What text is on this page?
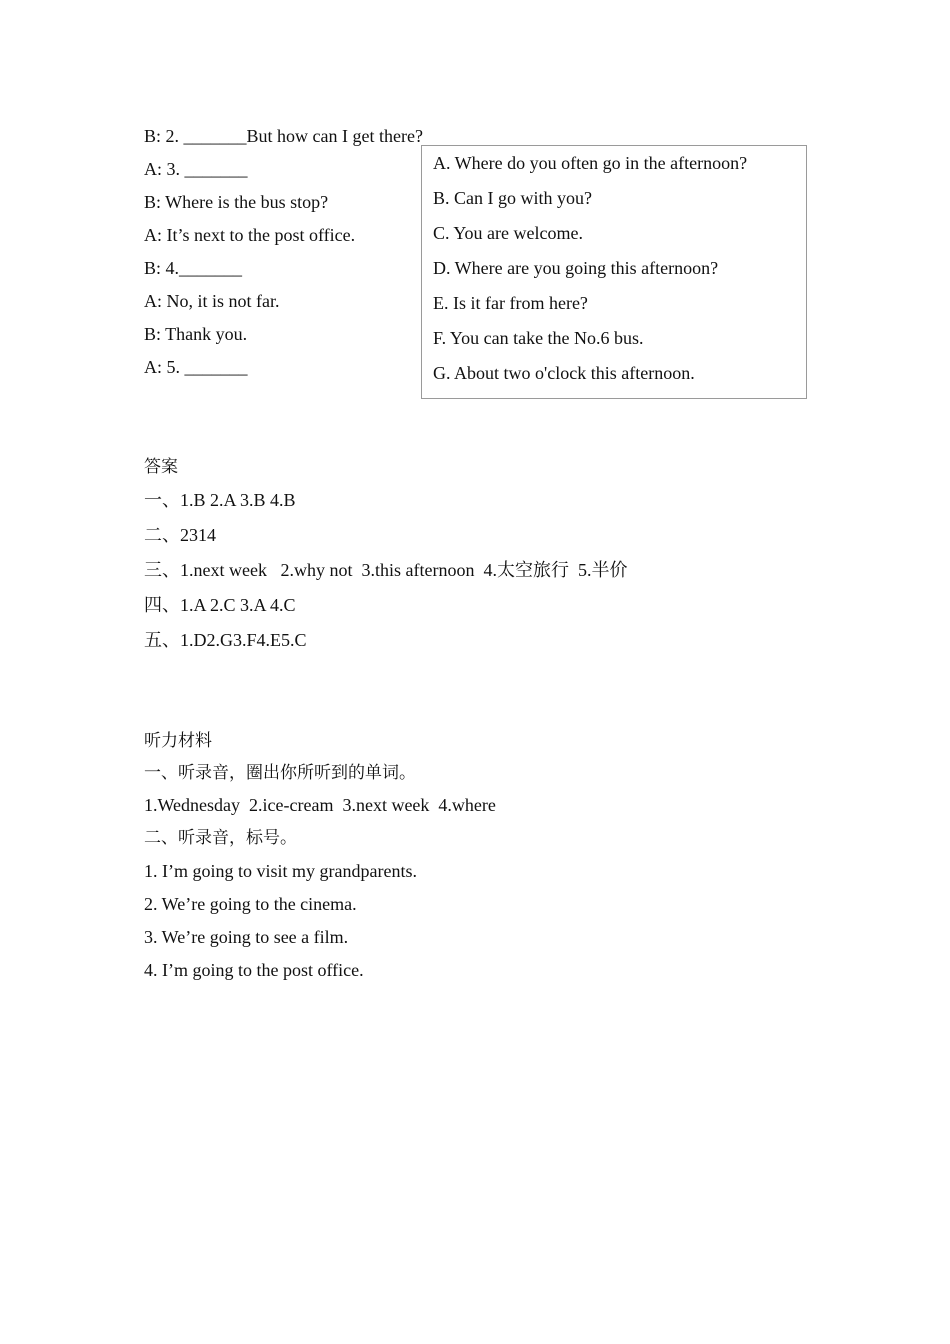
B: 2. _______But how can I get there?
A: 3. _______
B: Where is the bus stop?
A: It’s next to the post office.
B: 4._______
A: No, it is not far.
B: Thank you.
A: 5. _______
A. Where do you often go in the afternoon?
B. Can I go with you?
C. You are welcome.
D. Where are you going this afternoon?
E. Is it far from here?
F. You can take the No.6 bus.
G. About two o'clock this afternoon.
答案
一、1.B 2.A 3.B 4.B
二、2314
三、1.next week   2.why not  3.this afternoon  4.太空旅行  5.半价
四、1.A 2.C 3.A 4.C
五、1.D2.G3.F4.E5.C
听力材料
一、听录音，圈出你所听到的单词。
1.Wednesday  2.ice-cream  3.next week  4.where
二、听录音，标号。
1. I’m going to visit my grandparents.
2. We’re going to the cinema.
3. We’re going to see a film.
4. I’m going to the post office.
